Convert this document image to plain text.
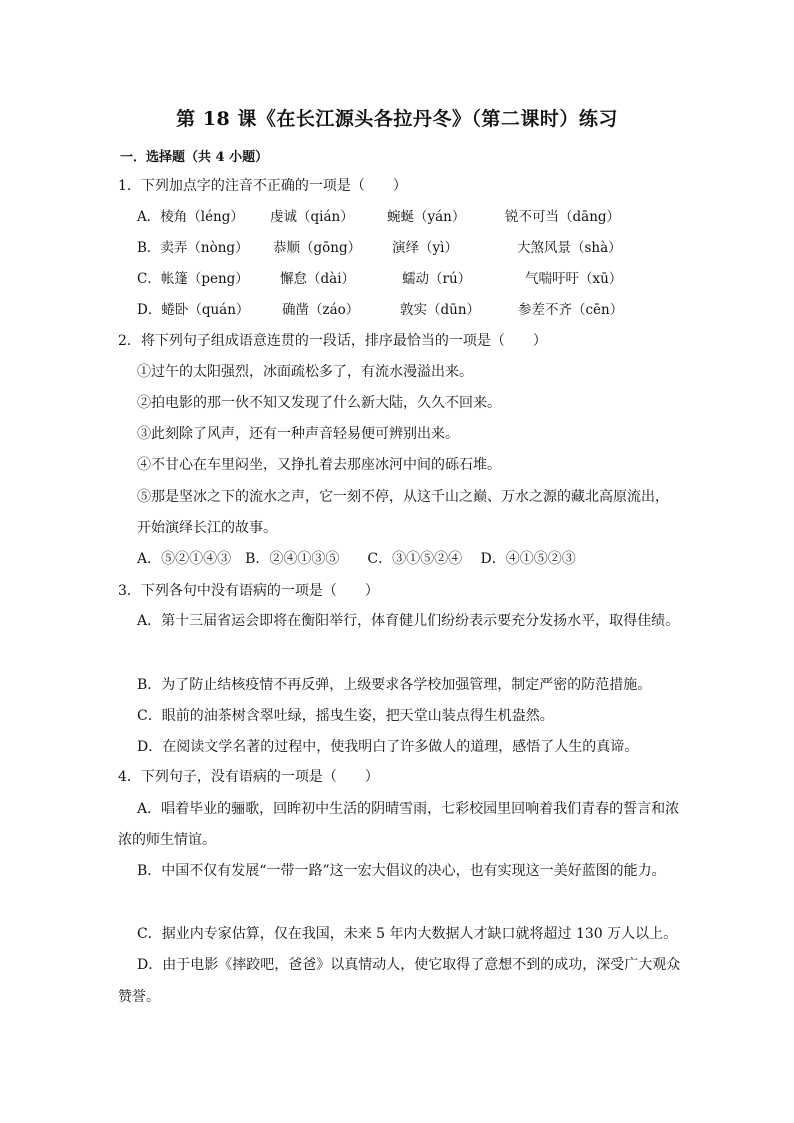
第 18 课《在长江源头各拉丹冬》（第二课时）练习
一．选择题（共 4 小题）
1．下列加点字的注音不正确的一项是（　　）
A．棱角（léng） 虔诚（qián） 蜿蜒（yán）	锐不可当（dāng）
B．卖弄（nòng） 恭顺（gōng） 演绎（yì）	大煞风景（shà）
C．帐篷（peng） 懈怠（dài）	蠕动（rú）	气喘吁吁（xū）
D．蜷卧（quán） 确凿（záo）	敦实（dūn）	参差不齐（cēn）
2．将下列句子组成语意连贯的一段话，排序最恰当的一项是（　　）
①过午的太阳强烈，冰面疏松多了，有流水漫溢出来。
②拍电影的那一伙不知又发现了什么新大陆，久久不回来。
③此刻除了风声，还有一种声音轻易便可辨别出来。
④不甘心在车里闷坐，又挣扎着去那座冰河中间的砾石堆。
⑤那是坚冰之下的流水之声，它一刻不停，从这千山之巅、万水之源的藏北高原流出，
开始演绎长江的故事。
A．⑤②①④③　B．②④①③⑤　　C．③①⑤②④　 D．④①⑤②③
3．下列各句中没有语病的一项是（　　）
A．第十三届省运会即将在衡阳举行，体育健儿们纷纷表示要充分发扬水平，取得佳绩。
B．为了防止结核疫情不再反弹，上级要求各学校加强管理，制定严密的防范措施。
C．眼前的油茶树含翠吐绿，摇曳生姿，把天堂山装点得生机盎然。
D．在阅读文学名著的过程中，使我明白了许多做人的道理，感悟了人生的真谛。
4．下列句子，没有语病的一项是（　　）
A．唱着毕业的骊歌，回眸初中生活的阴晴雪雨，七彩校园里回响着我们青春的誓言和浓
浓的师生情谊。
B．中国不仅有发展“一带一路”这一宏大倡议的决心，也有实现这一美好蓝图的能力。
C．据业内专家估算，仅在我国，未来 5 年内大数据人才缺口就将超过 130 万人以上。
D．由于电影《摔跤吧，爸爸》以真情动人，使它取得了意想不到的成功，深受广大观众
赞誉。
